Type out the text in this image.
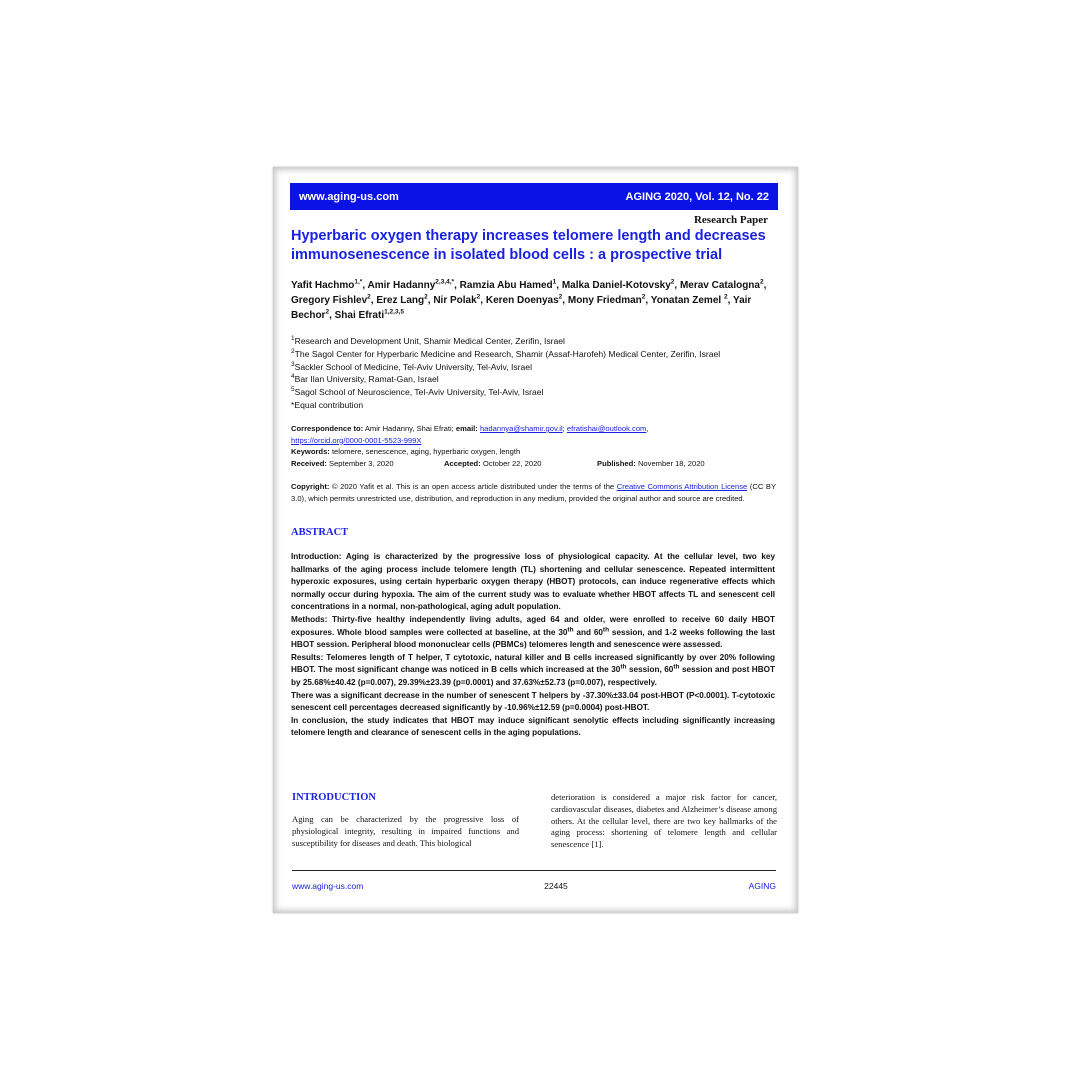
www.aging-us.com	AGING 2020, Vol. 12, No. 22
Research Paper
Hyperbaric oxygen therapy increases telomere length and decreases immunosenescence in isolated blood cells : a prospective trial
Yafit Hachmo$^{1,*}$, Amir Hadanny$^{2,3,4,*}$, Ramzia Abu Hamed$^1$, Malka Daniel-Kotovsky$^2$, Merav Catalogna$^2$, Gregory Fishlev$^2$, Erez Lang$^2$, Nir Polak$^2$, Keren Doenyas$^2$, Mony Friedman$^2$, Yonatan Zemel $^2$, Yair Bechor$^2$, Shai Efrati$^{1,2,3,5}$
$^1$Research and Development Unit, Shamir Medical Center, Zerifin, Israel
$^2$The Sagol Center for Hyperbaric Medicine and Research, Shamir (Assaf-Harofeh) Medical Center, Zerifin, Israel
$^3$Sackler School of Medicine, Tel-Aviv University, Tel-Aviv, Israel
$^4$Bar Ilan University, Ramat-Gan, Israel
$^5$Sagol School of Neuroscience, Tel-Aviv University, Tel-Aviv, Israel
*Equal contribution
Correspondence to: Amir Hadanny, Shai Efrati; email: hadannya@shamir.gov.il; efratishai@outlook.com,
https://orcid.org/0000-0001-5523-999X
Keywords: telomere, senescence, aging, hyperbaric oxygen, length
Received: September 3, 2020	Accepted: October 22, 2020	Published: November 18, 2020
Copyright: © 2020 Yafit et al. This is an open access article distributed under the terms of the Creative Commons Attribution License (CC BY 3.0), which permits unrestricted use, distribution, and reproduction in any medium, provided the original author and source are credited.
ABSTRACT

Introduction: Aging is characterized by the progressive loss of physiological capacity. At the cellular level, two key hallmarks of the aging process include telomere length (TL) shortening and cellular senescence. Repeated intermittent hyperoxic exposures, using certain hyperbaric oxygen therapy (HBOT) protocols, can induce regenerative effects which normally occur during hypoxia. The aim of the current study was to evaluate whether HBOT affects TL and senescent cell concentrations in a normal, non-pathological, aging adult population.

Methods: Thirty-five healthy independently living adults, aged 64 and older, were enrolled to receive 60 daily HBOT exposures. Whole blood samples were collected at baseline, at the 30th and 60th session, and 1-2 weeks following the last HBOT session. Peripheral blood mononuclear cells (PBMCs) telomeres length and senescence were assessed.

Results: Telomeres length of T helper, T cytotoxic, natural killer and B cells increased significantly by over 20% following HBOT. The most significant change was noticed in B cells which increased at the 30th session, 60th session and post HBOT by 25.68%±40.42 (p=0.007), 29.39%±23.39 (p=0.0001) and 37.63%±52.73 (p=0.007), respectively.

There was a significant decrease in the number of senescent T helpers by -37.30%±33.04 post-HBOT (P<0.0001). T-cytotoxic senescent cell percentages decreased significantly by -10.96%±12.59 (p=0.0004) post-HBOT.

In conclusion, the study indicates that HBOT may induce significant senolytic effects including significantly increasing telomere length and clearance of senescent cells in the aging populations.

INTRODUCTION
Aging can be characterized by the progressive loss of physiological integrity, resulting in impaired functions and susceptibility for diseases and death. This biological
deterioration is considered a major risk factor for cancer, cardiovascular diseases, diabetes and Alzheimer’s disease among others. At the cellular level, there are two key hallmarks of the aging process: shortening of telomere length and cellular senescence [1].
www.aging-us.com	22445	AGING
